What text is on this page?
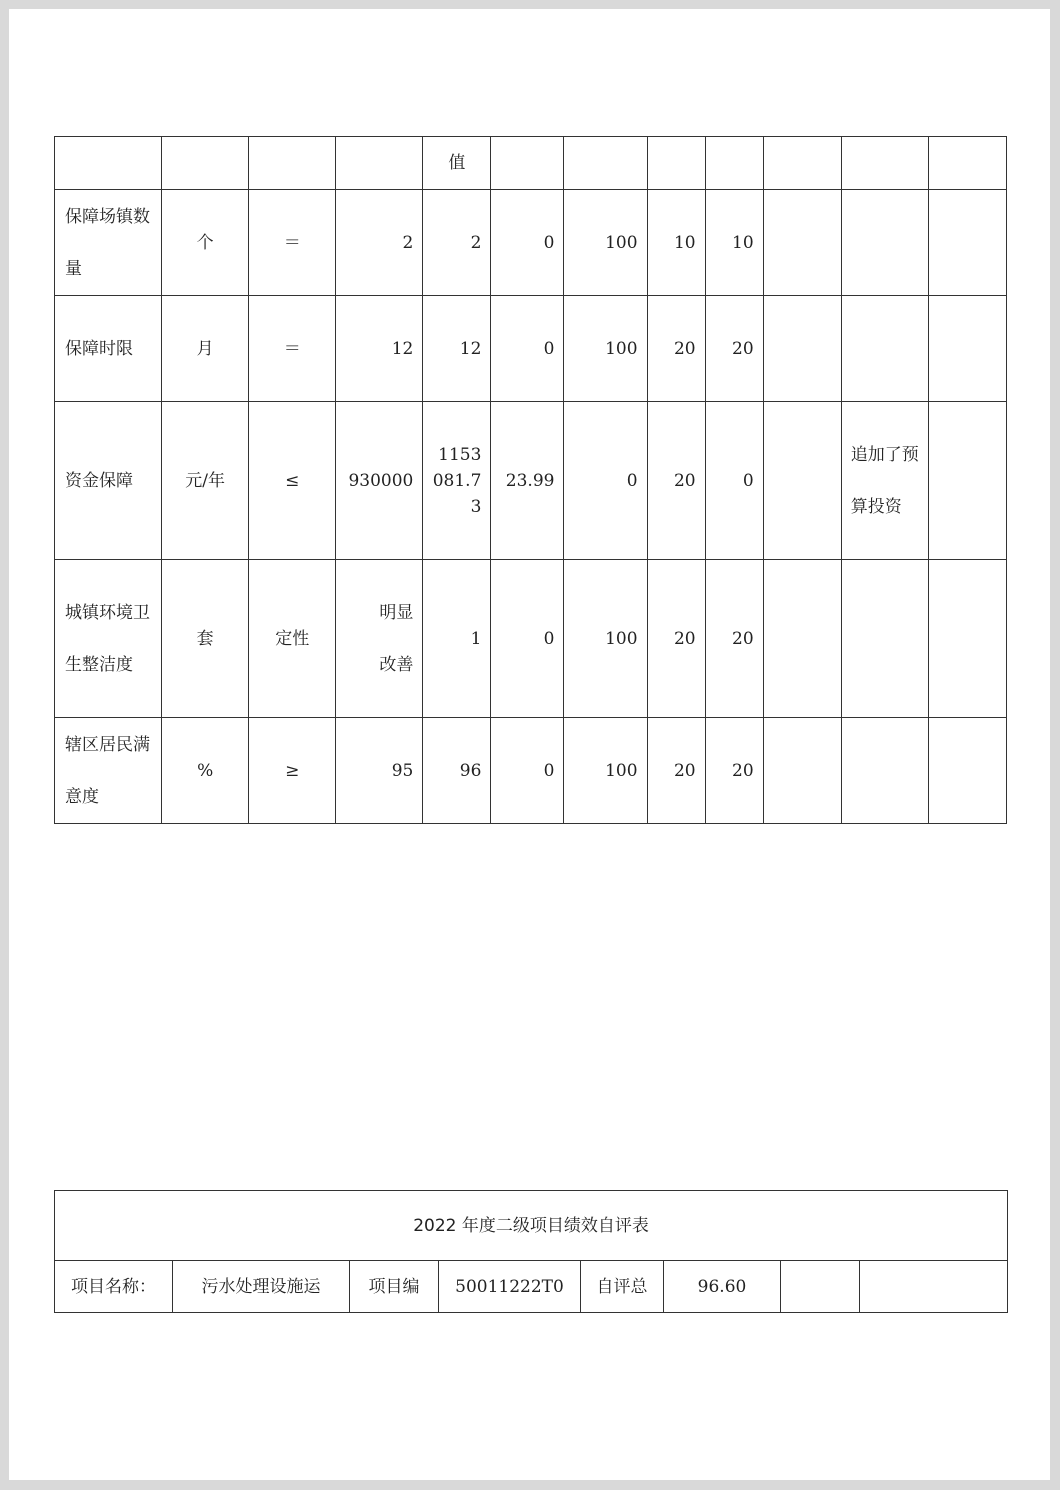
				值							
保障场镇数量	个	＝	2	2	0	100	10	10			
保障时限	月	＝	12	12	0	100	20	20			
资金保障	元/年	≤	930000	1153081.73	23.99	0	20	0		追加了预算投资	
城镇环境卫生整洁度	套	定性	明显改善	1	0	100	20	20			
辖区居民满意度	%	≥	95	96	0	100	20	20			
2022 年度二级项目绩效自评表
项目名称：	污水处理设施运	项目编	50011222T0	自评总	96.60		
